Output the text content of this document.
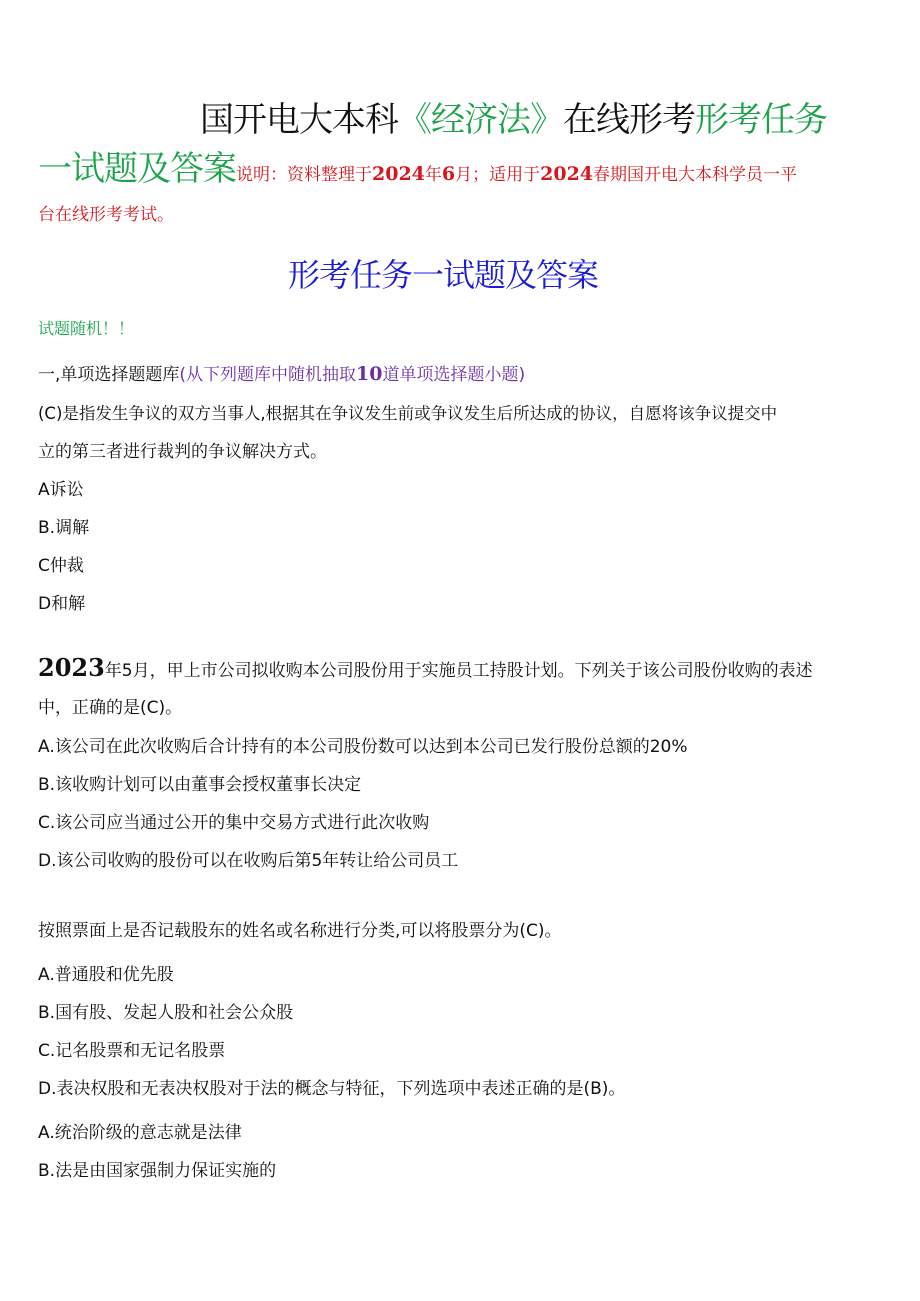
国开电大本科《经济法》在线形考形考任务
一试题及答案说明：资料整理于2024年6月；适用于2024春期国开电大本科学员一平
台在线形考考试。
形考任务一试题及答案
试题随机！！
一,单项选择题题库(从下列题库中随机抽取10道单项选择题小题)
(C)是指发生争议的双方当事人,根据其在争议发生前或争议发生后所达成的协议，自愿将该争议提交中
立的第三者进行裁判的争议解决方式。
A诉讼
B.调解
C仲裁
D和解
2023年5月，甲上市公司拟收购本公司股份用于实施员工持股计划。下列关于该公司股份收购的表述
中，正确的是(C)。
A.该公司在此次收购后合计持有的本公司股份数可以达到本公司已发行股份总额的20%
B.该收购计划可以由董事会授权董事长决定
C.该公司应当通过公开的集中交易方式进行此次收购
D.该公司收购的股份可以在收购后第5年转让给公司员工
按照票面上是否记载股东的姓名或名称进行分类,可以将股票分为(C)。
A.普通股和优先股
B.国有股、发起人股和社会公众股
C.记名股票和无记名股票
D.表决权股和无表决权股对于法的概念与特征，下列选项中表述正确的是(B)。
A.统治阶级的意志就是法律
B.法是由国家强制力保证实施的
